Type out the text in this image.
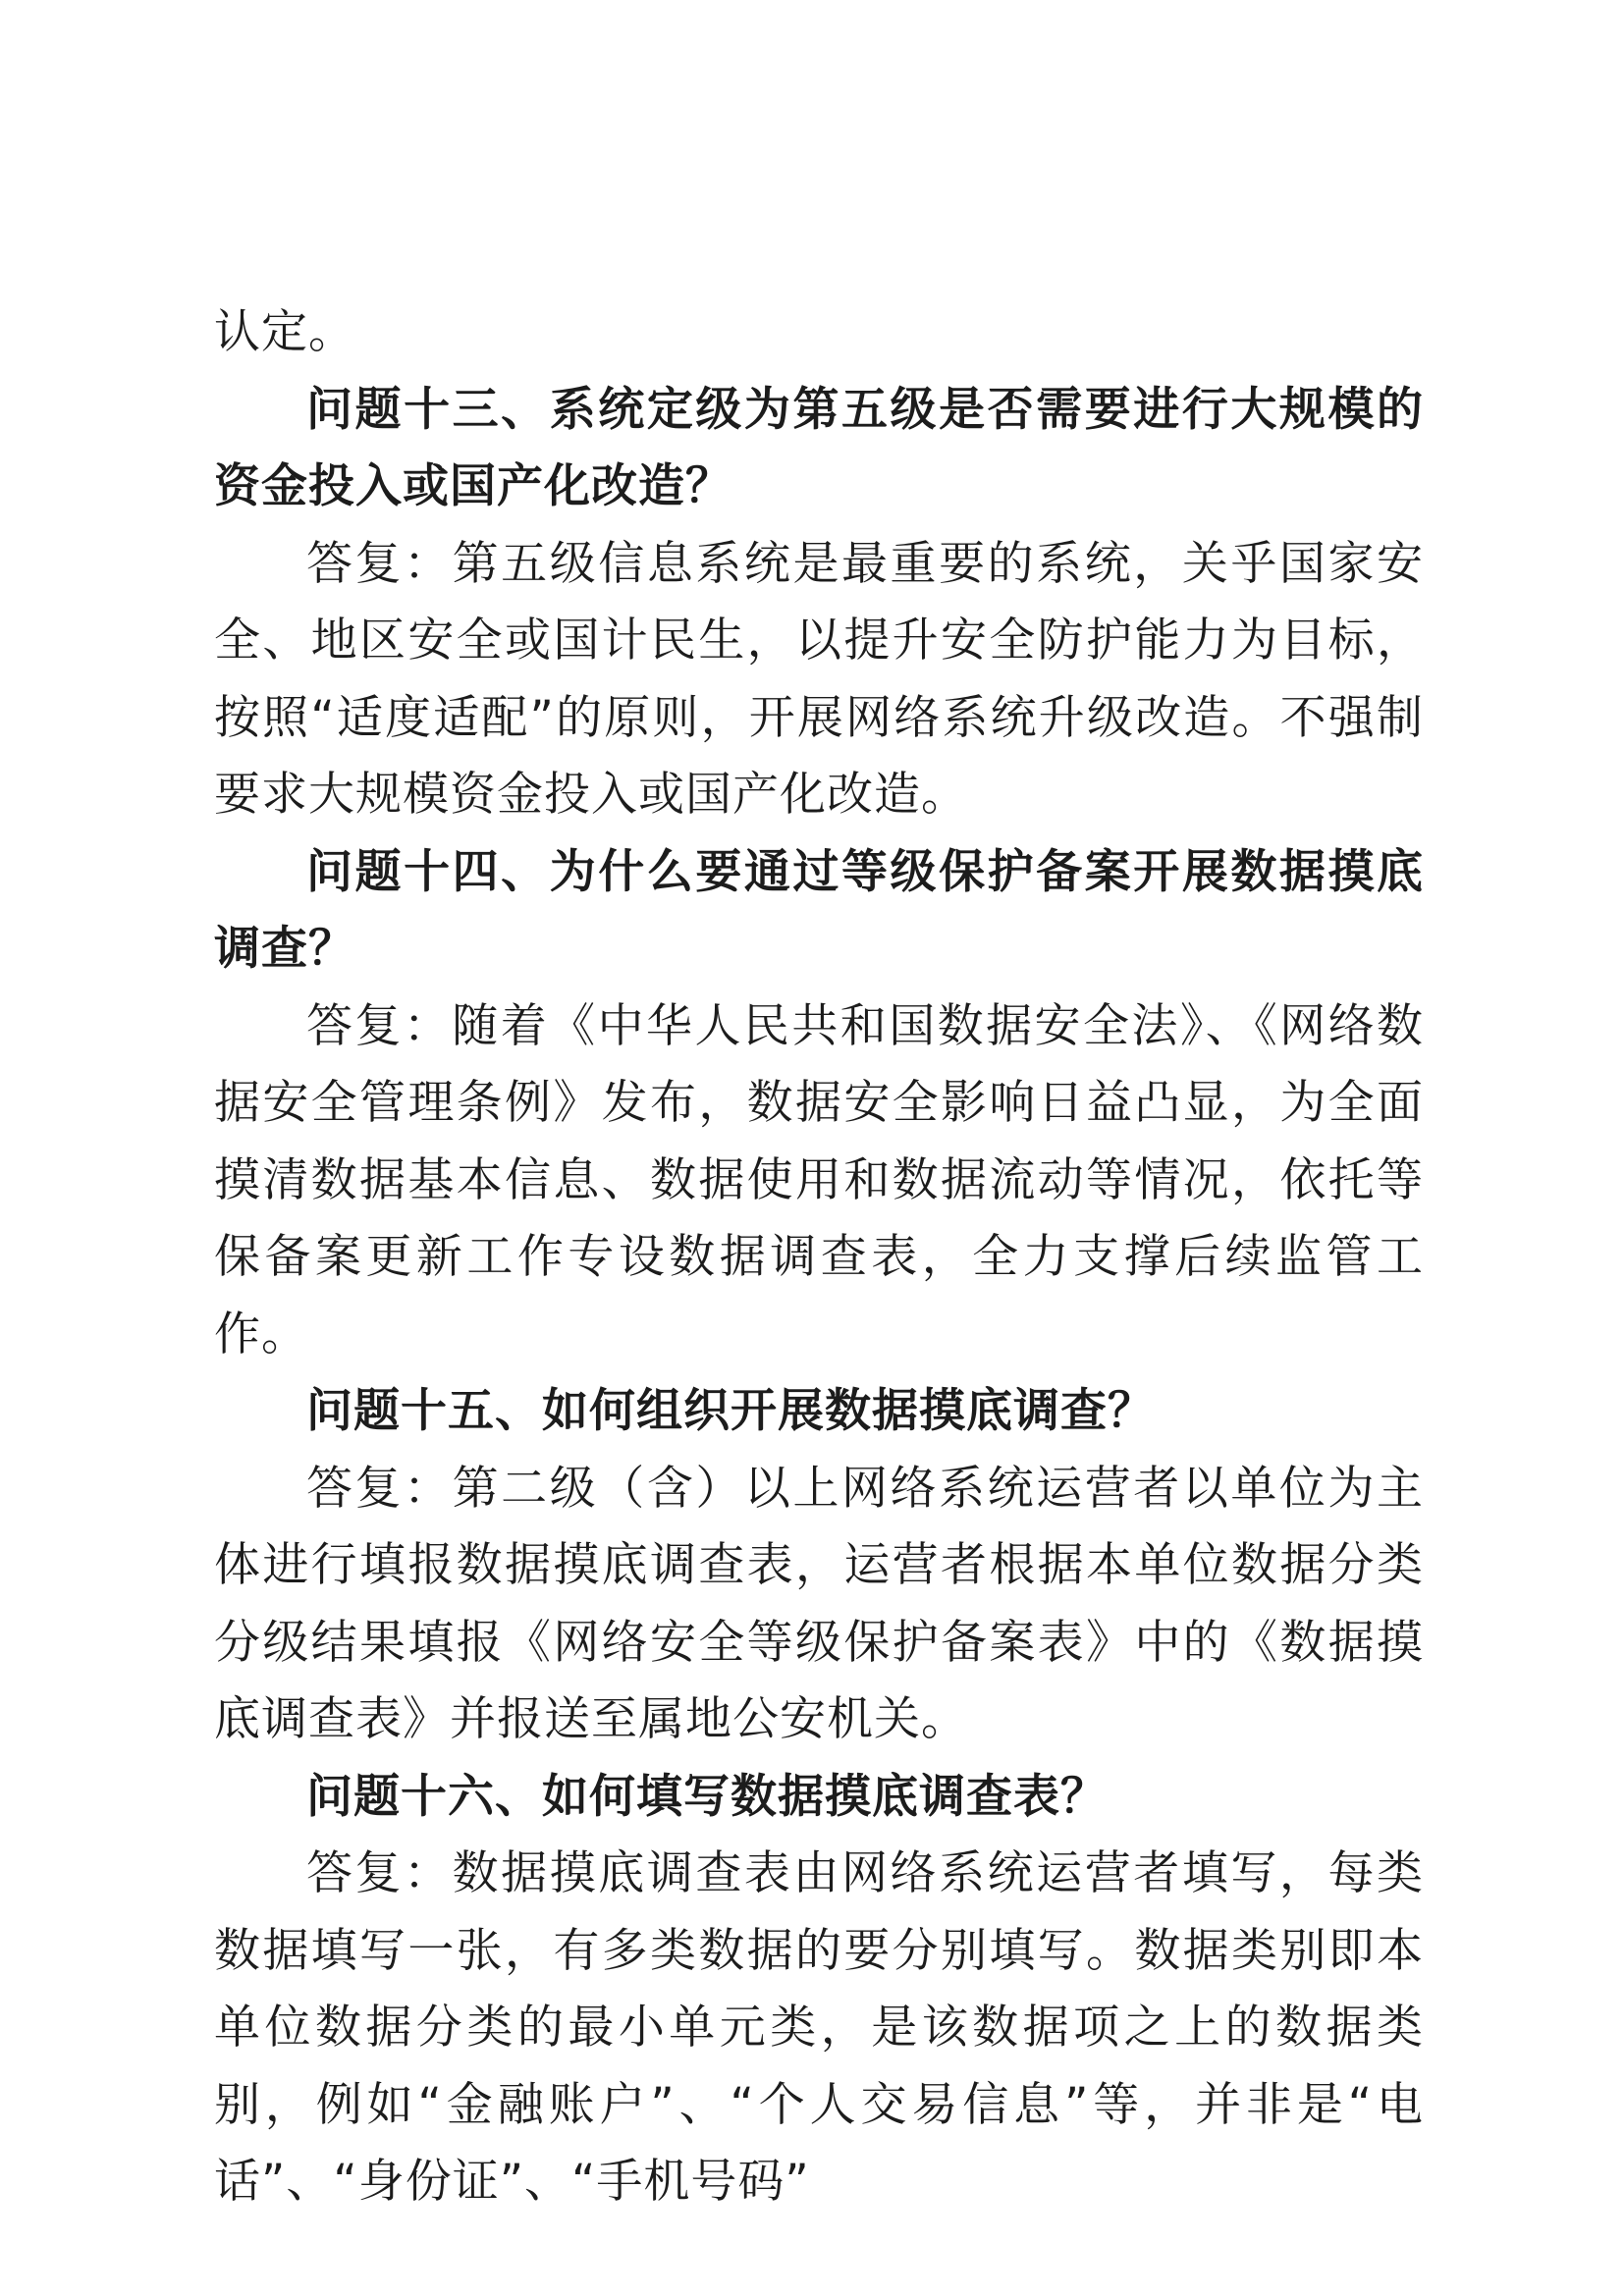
认定。

问题十三、系统定级为第五级是否需要进行大规模的资金投入或国产化改造？

答复：第五级信息系统是最重要的系统，关乎国家安全、地区安全或国计民生，以提升安全防护能力为目标，按照“适度适配”的原则，开展网络系统升级改造。不强制要求大规模资金投入或国产化改造。

问题十四、为什么要通过等级保护备案开展数据摸底调查？

答复：随着《中华人民共和国数据安全法》、《网络数据安全管理条例》发布，数据安全影响日益凸显，为全面摸清数据基本信息、数据使用和数据流动等情况，依托等保备案更新工作专设数据调查表，全力支撑后续监管工作。

问题十五、如何组织开展数据摸底调查？

答复：第二级（含）以上网络系统运营者以单位为主体进行填报数据摸底调查表，运营者根据本单位数据分类分级结果填报《网络安全等级保护备案表》中的《数据摸底调查表》并报送至属地公安机关。

问题十六、如何填写数据摸底调查表？

答复：数据摸底调查表由网络系统运营者填写，每类数据填写一张，有多类数据的要分别填写。数据类别即本单位数据分类的最小单元类，是该数据项之上的数据类别，例如“金融账户”、“个人交易信息”等，并非是“电话”、“身份证”、“手机号码”
